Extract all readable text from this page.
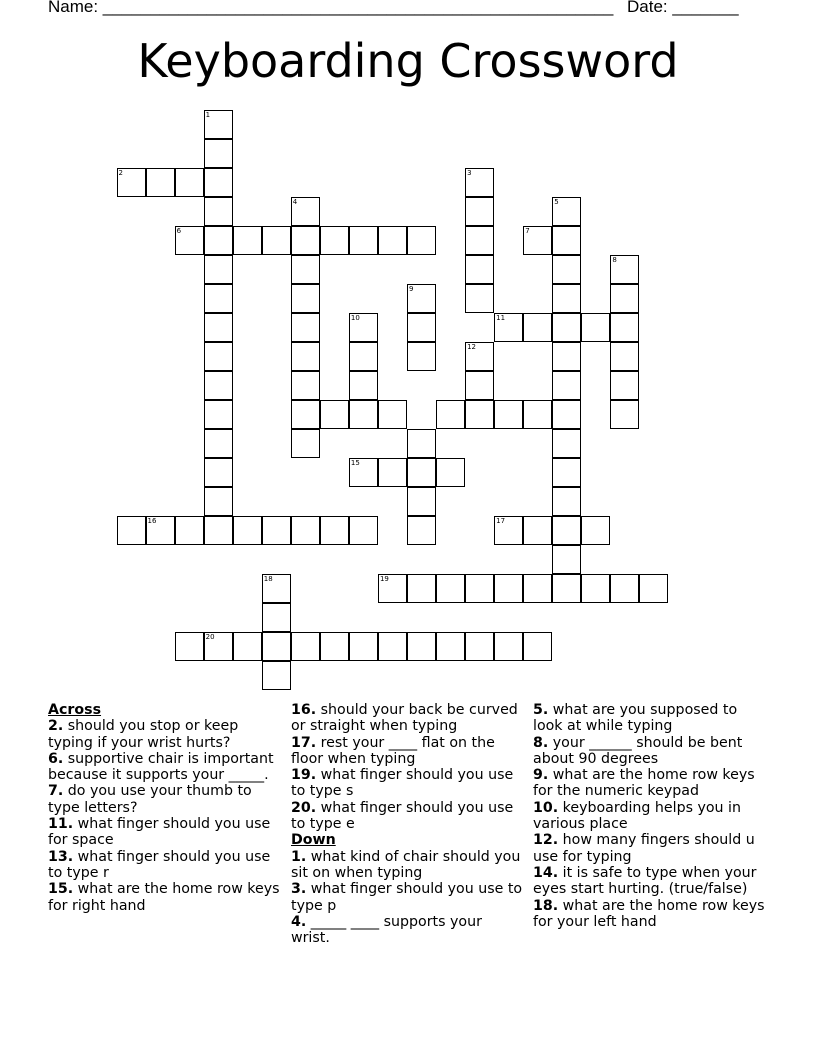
Name: ______________________________________________________ Date: _______
Keyboarding Crossword
1
2
6
16
4
3
5
7
8
9
10	11
12
15
17
19
18
20
Across
2. should you stop or keep typing if your wrist hurts?
6. supportive chair is important because it supports your _____.
7. do you use your thumb to type letters?
11. what finger should you use for space
13. what finger should you use to type r
15. what are the home row keys for right hand
16. should your back be curved or straight when typing
17. rest your ____ flat on the floor when typing
19. what finger should you use to type s
20. what finger should you use to type e
Down
1. what kind of chair should you sit on when typing
3. what finger should you use to type p
4. _____ ____ supports your wrist.
5. what are you supposed to look at while typing
8. your ______ should be bent about 90 degrees
9. what are the home row keys for the numeric keypad
10. keyboarding helps you in various place
12. how many fingers should u use for typing
14. it is safe to type when your eyes start hurting. (true/false)
18. what are the home row keys for your left hand
